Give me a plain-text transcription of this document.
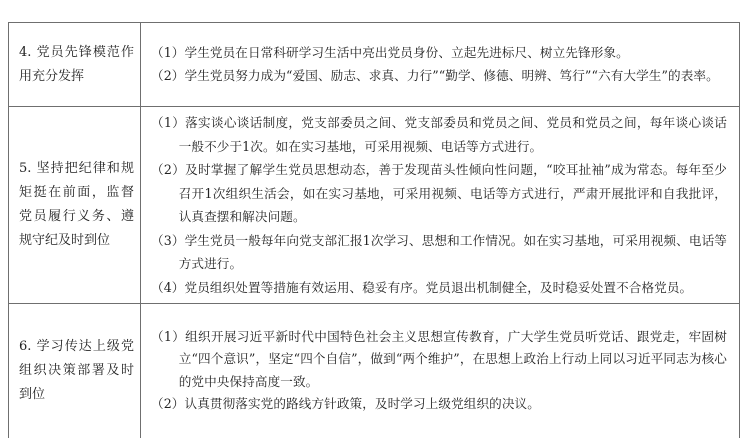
4. 党员先锋模范作用充分发挥	（1）学生党员在日常科研学习生活中亮出党员身份、立起先进标尺、树立先锋形象。
（2）学生党员努力成为“爱国、励志、求真、力行”“勤学、修德、明辨、笃行”“六有大学生”的表率。

5. 坚持把纪律和规矩挺在前面，监督党员履行义务、遵规守纪及时到位	（1）落实谈心谈话制度，党支部委员之间、党支部委员和党员之间、党员和党员之间，每年谈心谈话一般不少于1次。如在实习基地，可采用视频、电话等方式进行。
（2）及时掌握了解学生党员思想动态，善于发现苗头性倾向性问题，“咬耳扯袖”成为常态。每年至少召开1次组织生活会，如在实习基地，可采用视频、电话等方式进行，严肃开展批评和自我批评，认真查摆和解决问题。
（3）学生党员一般每年向党支部汇报1次学习、思想和工作情况。如在实习基地，可采用视频、电话等方式进行。
（4）党员组织处置等措施有效运用、稳妥有序。党员退出机制健全，及时稳妥处置不合格党员。

6. 学习传达上级党组织决策部署及时到位	（1）组织开展习近平新时代中国特色社会主义思想宣传教育，广大学生党员听党话、跟党走，牢固树立“四个意识”，坚定“四个自信”，做到“两个维护”，在思想上政治上行动上同以习近平同志为核心的党中央保持高度一致。
（2）认真贯彻落实党的路线方针政策，及时学习上级党组织的决议。
